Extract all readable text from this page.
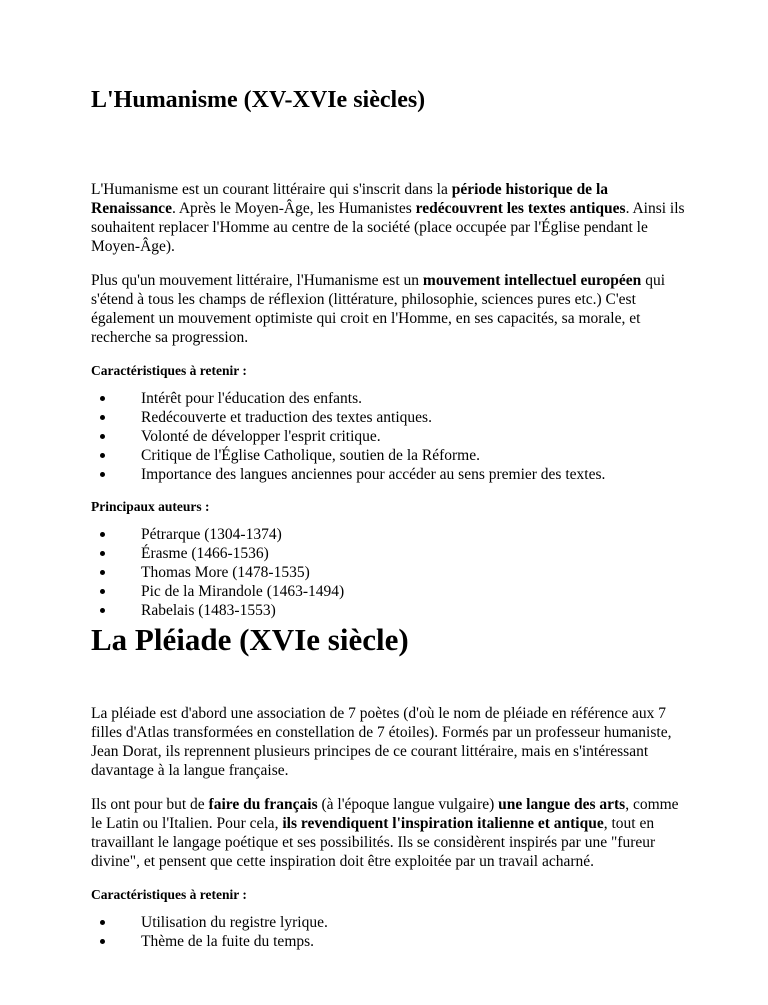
L'Humanisme (XV-XVIe siècles)

L'Humanisme est un courant littéraire qui s'inscrit dans la période historique de la Renaissance. Après le Moyen-Âge, les Humanistes redécouvrent les textes antiques. Ainsi ils souhaitent replacer l'Homme au centre de la société (place occupée par l'Église pendant le Moyen-Âge).

Plus qu'un mouvement littéraire, l'Humanisme est un mouvement intellectuel européen qui s'étend à tous les champs de réflexion (littérature, philosophie, sciences pures etc.) C'est également un mouvement optimiste qui croit en l'Homme, en ses capacités, sa morale, et recherche sa progression.

Caractéristiques à retenir :
Intérêt pour l'éducation des enfants.
Redécouverte et traduction des textes antiques.
Volonté de développer l'esprit critique.
Critique de l'Église Catholique, soutien de la Réforme.
Importance des langues anciennes pour accéder au sens premier des textes.
Principaux auteurs :
Pétrarque (1304-1374)
Érasme (1466-1536)
Thomas More (1478-1535)
Pic de la Mirandole (1463-1494)
Rabelais (1483-1553)
La Pléiade (XVIe siècle)

La pléiade est d'abord une association de 7 poètes (d'où le nom de pléiade en référence aux 7 filles d'Atlas transformées en constellation de 7 étoiles). Formés par un professeur humaniste, Jean Dorat, ils reprennent plusieurs principes de ce courant littéraire, mais en s'intéressant davantage à la langue française.

Ils ont pour but de faire du français (à l'époque langue vulgaire) une langue des arts, comme le Latin ou l'Italien. Pour cela, ils revendiquent l'inspiration italienne et antique, tout en travaillant le langage poétique et ses possibilités. Ils se considèrent inspirés par une "fureur divine", et pensent que cette inspiration doit être exploitée par un travail acharné.

Caractéristiques à retenir :
Utilisation du registre lyrique.
Thème de la fuite du temps.
